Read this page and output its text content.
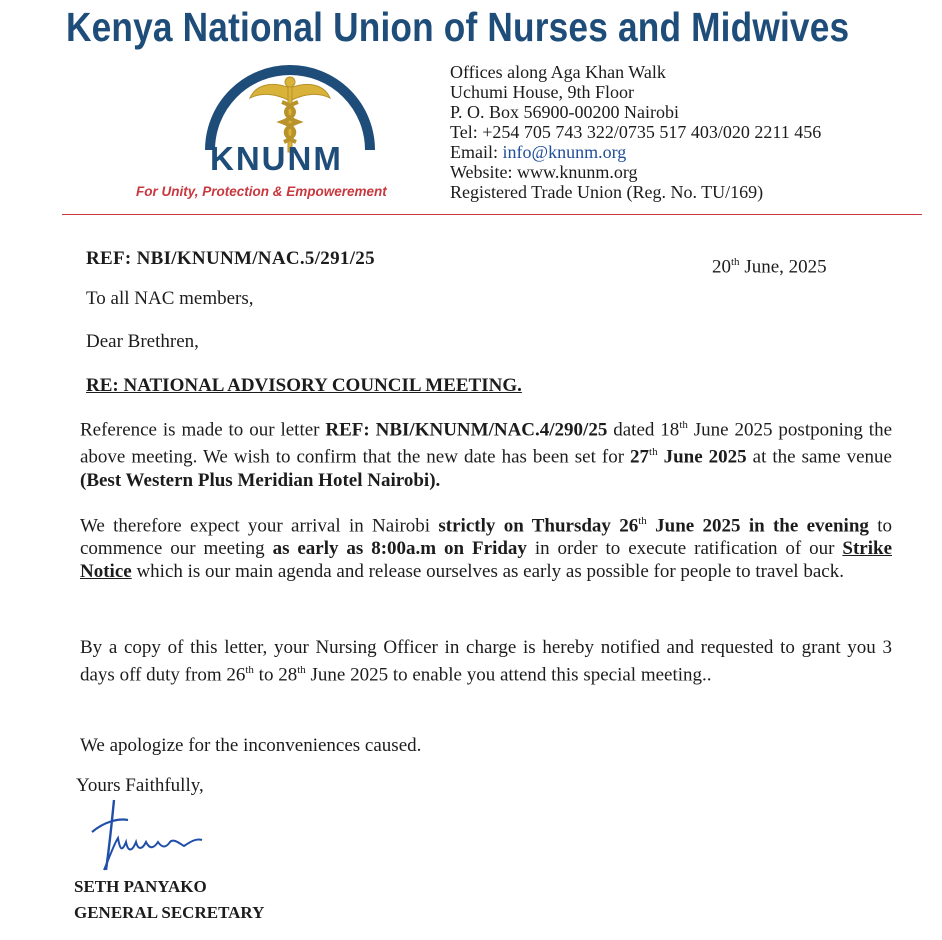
Kenya National Union of Nurses and Midwives
KNUNM
For Unity, Protection & Empowerement
Offices along Aga Khan Walk
Uchumi House, 9th Floor
P. O. Box 56900-00200 Nairobi
Tel: +254 705 743 322/0735 517 403/020 2211 456
Email: info@knunm.org
Website: www.knunm.org
Registered Trade Union (Reg. No. TU/169)
REF: NBI/KNUNM/NAC.5/291/25	20th June, 2025
To all NAC members,
Dear Brethren,
RE: NATIONAL ADVISORY COUNCIL MEETING.
Reference is made to our letter REF: NBI/KNUNM/NAC.4/290/25 dated 18th June 2025 postponing the above meeting. We wish to confirm that the new date has been set for 27th June 2025 at the same venue (Best Western Plus Meridian Hotel Nairobi).
We therefore expect your arrival in Nairobi strictly on Thursday 26th June 2025 in the evening to commence our meeting as early as 8:00a.m on Friday in order to execute ratification of our Strike Notice which is our main agenda and release ourselves as early as possible for people to travel back.
By a copy of this letter, your Nursing Officer in charge is hereby notified and requested to grant you 3 days off duty from 26th to 28th June 2025 to enable you attend this special meeting..
We apologize for the inconveniences caused.
Yours Faithfully,
SETH PANYAKO
GENERAL SECRETARY
